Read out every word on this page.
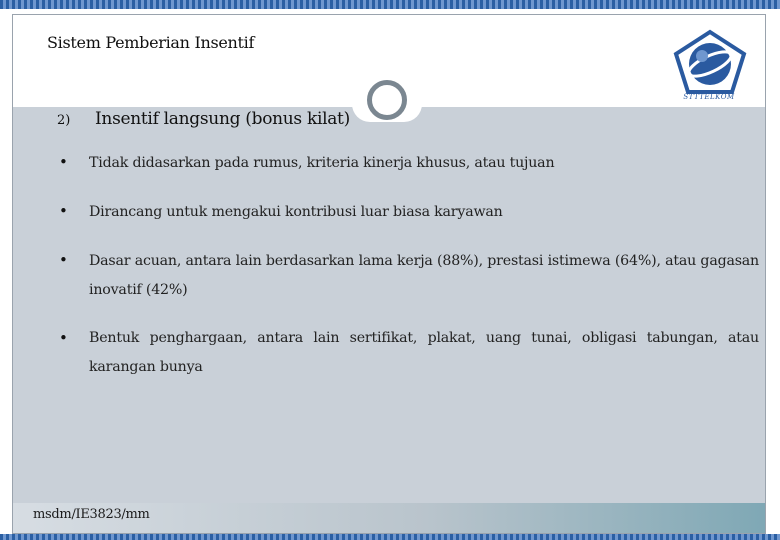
Sistem Pemberian Insentif
STTTELKOM
2) Insentif langsung (bonus kilat)
• Tidak didasarkan pada rumus, kriteria kinerja khusus, atau tujuan
• Dirancang untuk mengakui kontribusi luar biasa karyawan
• Dasar acuan, antara lain berdasarkan lama kerja (88%), prestasi istimewa (64%), atau gagasan inovatif (42%)
• Bentuk penghargaan, antara lain sertifikat, plakat, uang tunai, obligasi tabungan, atau karangan bunya
msdm/IE3823/mm
